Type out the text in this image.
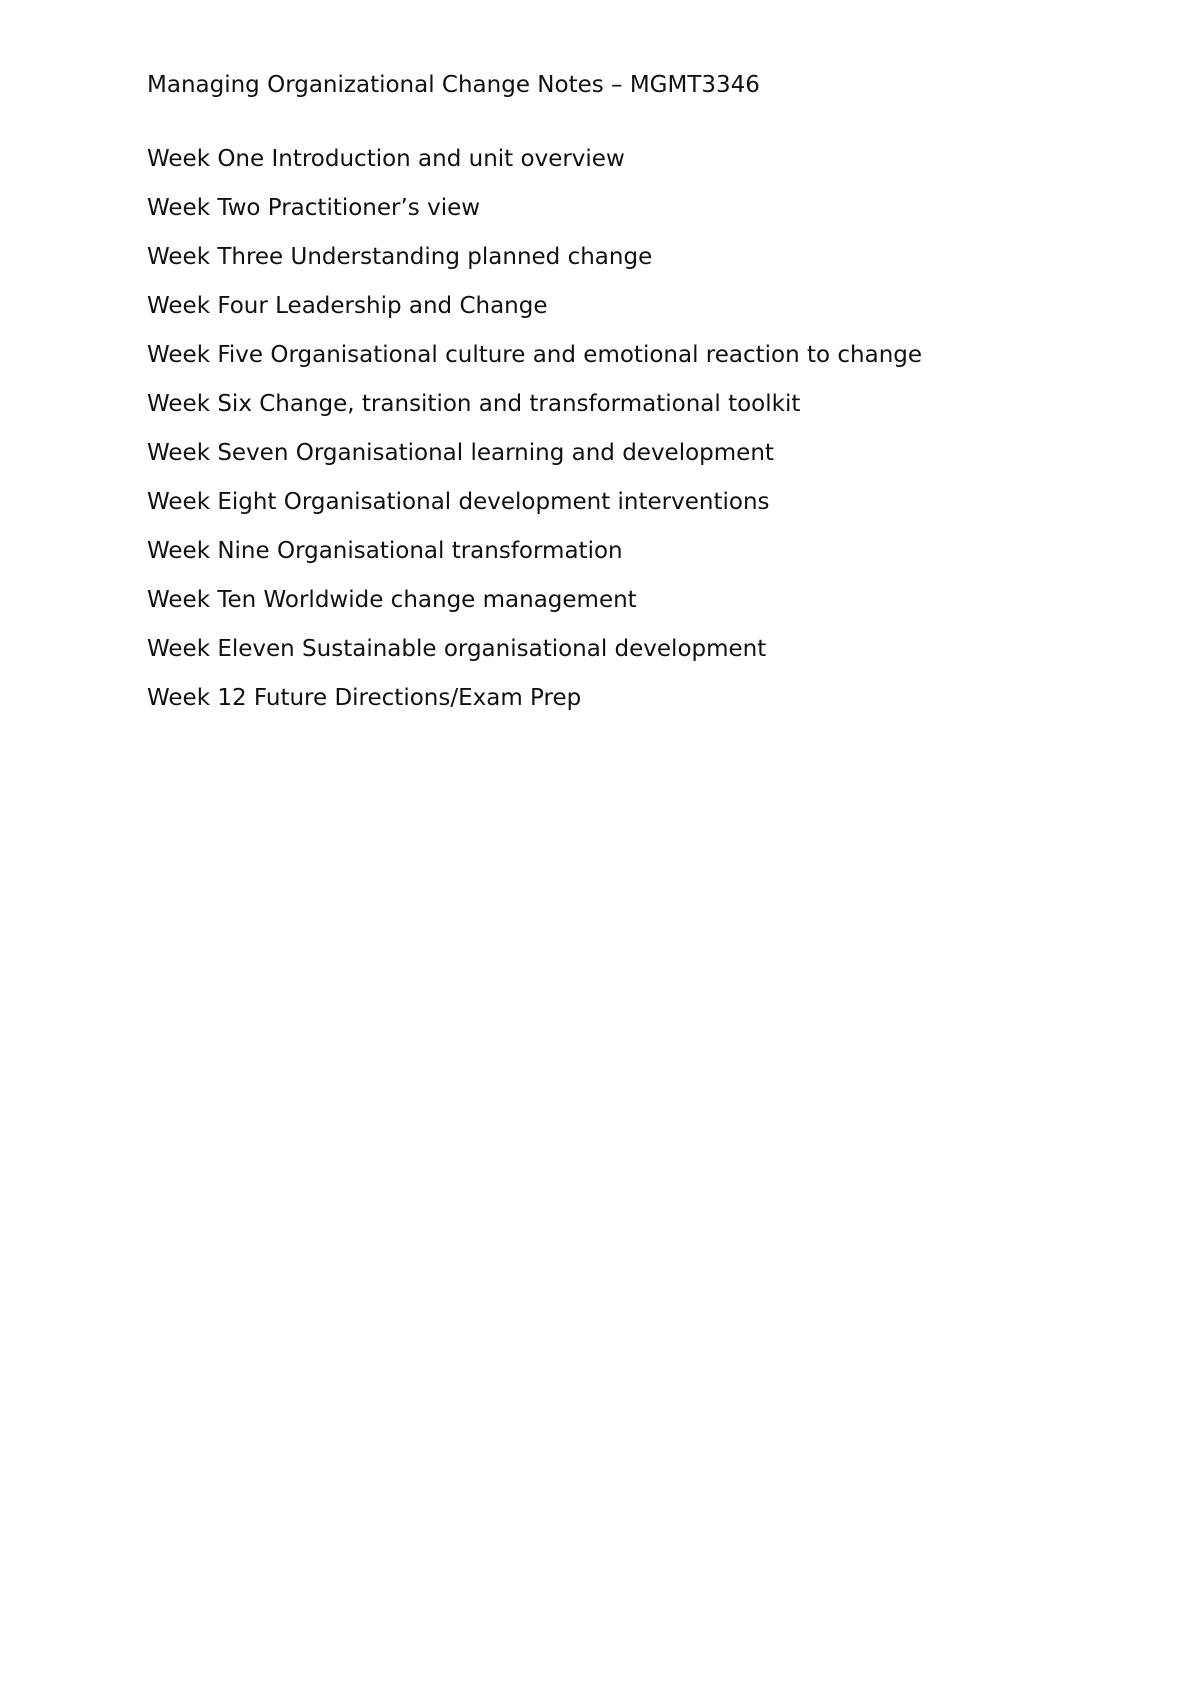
Managing Organizational Change Notes – MGMT3346
Week One Introduction and unit overview
Week Two Practitioner’s view
Week Three Understanding planned change
Week Four Leadership and Change
Week Five Organisational culture and emotional reaction to change
Week Six Change, transition and transformational toolkit
Week Seven Organisational learning and development
Week Eight Organisational development interventions
Week Nine Organisational transformation
Week Ten Worldwide change management
Week Eleven Sustainable organisational development
Week 12 Future Directions/Exam Prep
